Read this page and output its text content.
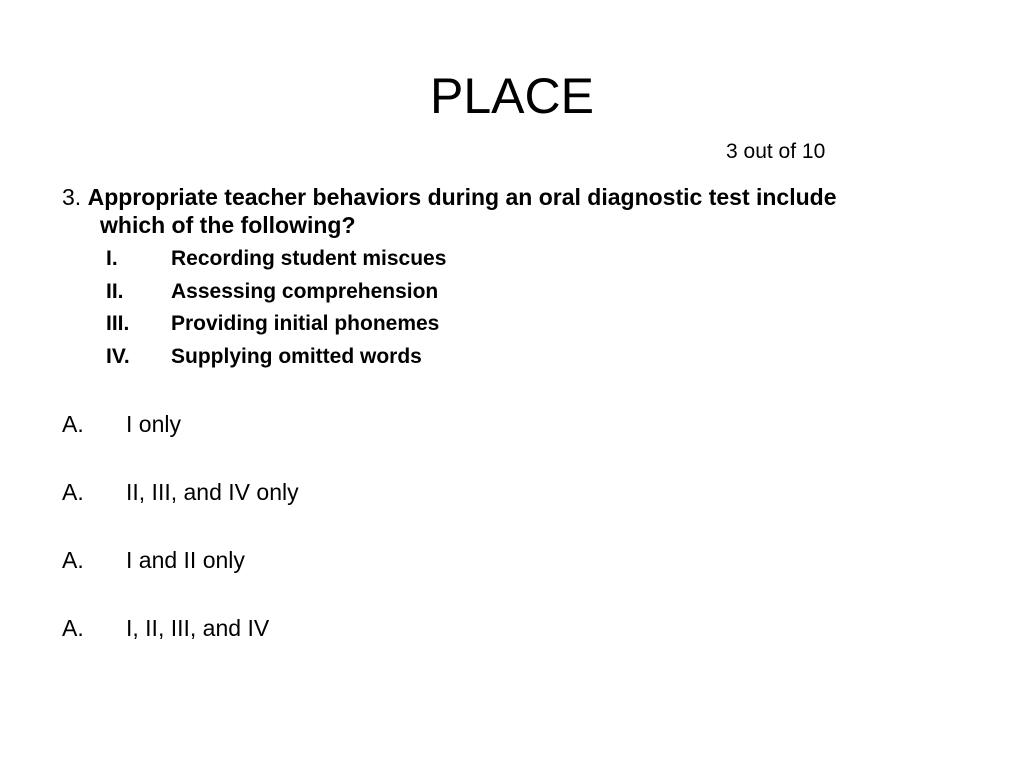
PLACE
3 out of 10
3. Appropriate teacher behaviors during an oral diagnostic test include
which of the following?
I.	Recording student miscues
II. Assessing comprehension
III. Providing initial phonemes
IV. Supplying omitted words
A. I only
A. II, III, and IV only
A. I and II only
A. I, II, III, and IV
